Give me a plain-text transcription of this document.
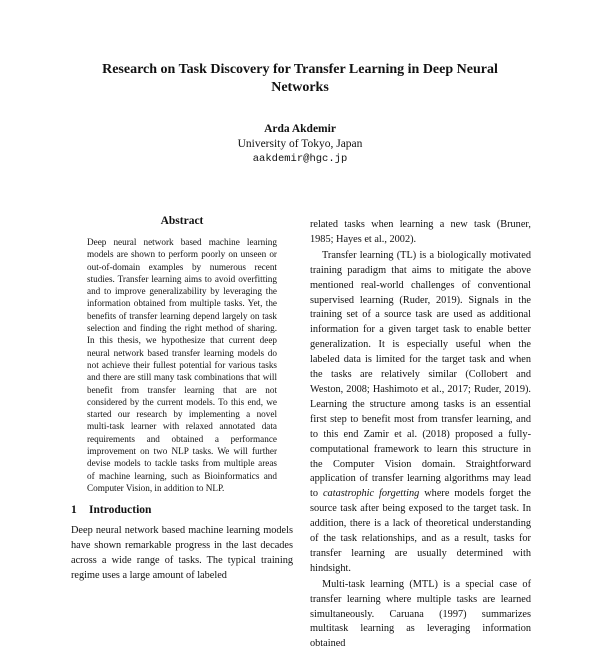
Research on Task Discovery for Transfer Learning in Deep Neural Networks
Arda Akdemir
University of Tokyo, Japan
aakdemir@hgc.jp
Abstract

Deep neural network based machine learning models are shown to perform poorly on unseen or out-of-domain examples by numerous recent studies. Transfer learning aims to avoid overfitting and to improve generalizability by leveraging the information obtained from multiple tasks. Yet, the benefits of transfer learning depend largely on task selection and finding the right method of sharing. In this thesis, we hypothesize that current deep neural network based transfer learning models do not achieve their fullest potential for various tasks and there are still many task combinations that will benefit from transfer learning that are not considered by the current models. To this end, we started our research by implementing a novel multi-task learner with relaxed annotated data requirements and obtained a performance improvement on two NLP tasks. We will further devise models to tackle tasks from multiple areas of machine learning, such as Bioinformatics and Computer Vision, in addition to NLP.

1 Introduction

Deep neural network based machine learning models have shown remarkable progress in the last decades across a wide range of tasks. The typical training regime uses a large amount of labeled

related tasks when learning a new task (Bruner, 1985; Hayes et al., 2002).

Transfer learning (TL) is a biologically motivated training paradigm that aims to mitigate the above mentioned real-world challenges of conventional supervised learning (Ruder, 2019). Signals in the training set of a source task are used as additional information for a given target task to enable better generalization. It is especially useful when the labeled data is limited for the target task and when the tasks are relatively similar (Collobert and Weston, 2008; Hashimoto et al., 2017; Ruder, 2019). Learning the structure among tasks is an essential first step to benefit most from transfer learning, and to this end Zamir et al. (2018) proposed a fully-computational framework to learn this structure in the Computer Vision domain. Straightforward application of transfer learning algorithms may lead to catastrophic forgetting where models forget the source task after being exposed to the target task. In addition, there is a lack of theoretical understanding of the task relationships, and as a result, tasks for transfer learning are usually determined with hindsight.

Multi-task learning (MTL) is a special case of transfer learning where multiple tasks are learned simultaneously. Caruana (1997) summarizes multitask learning as leveraging information obtained
